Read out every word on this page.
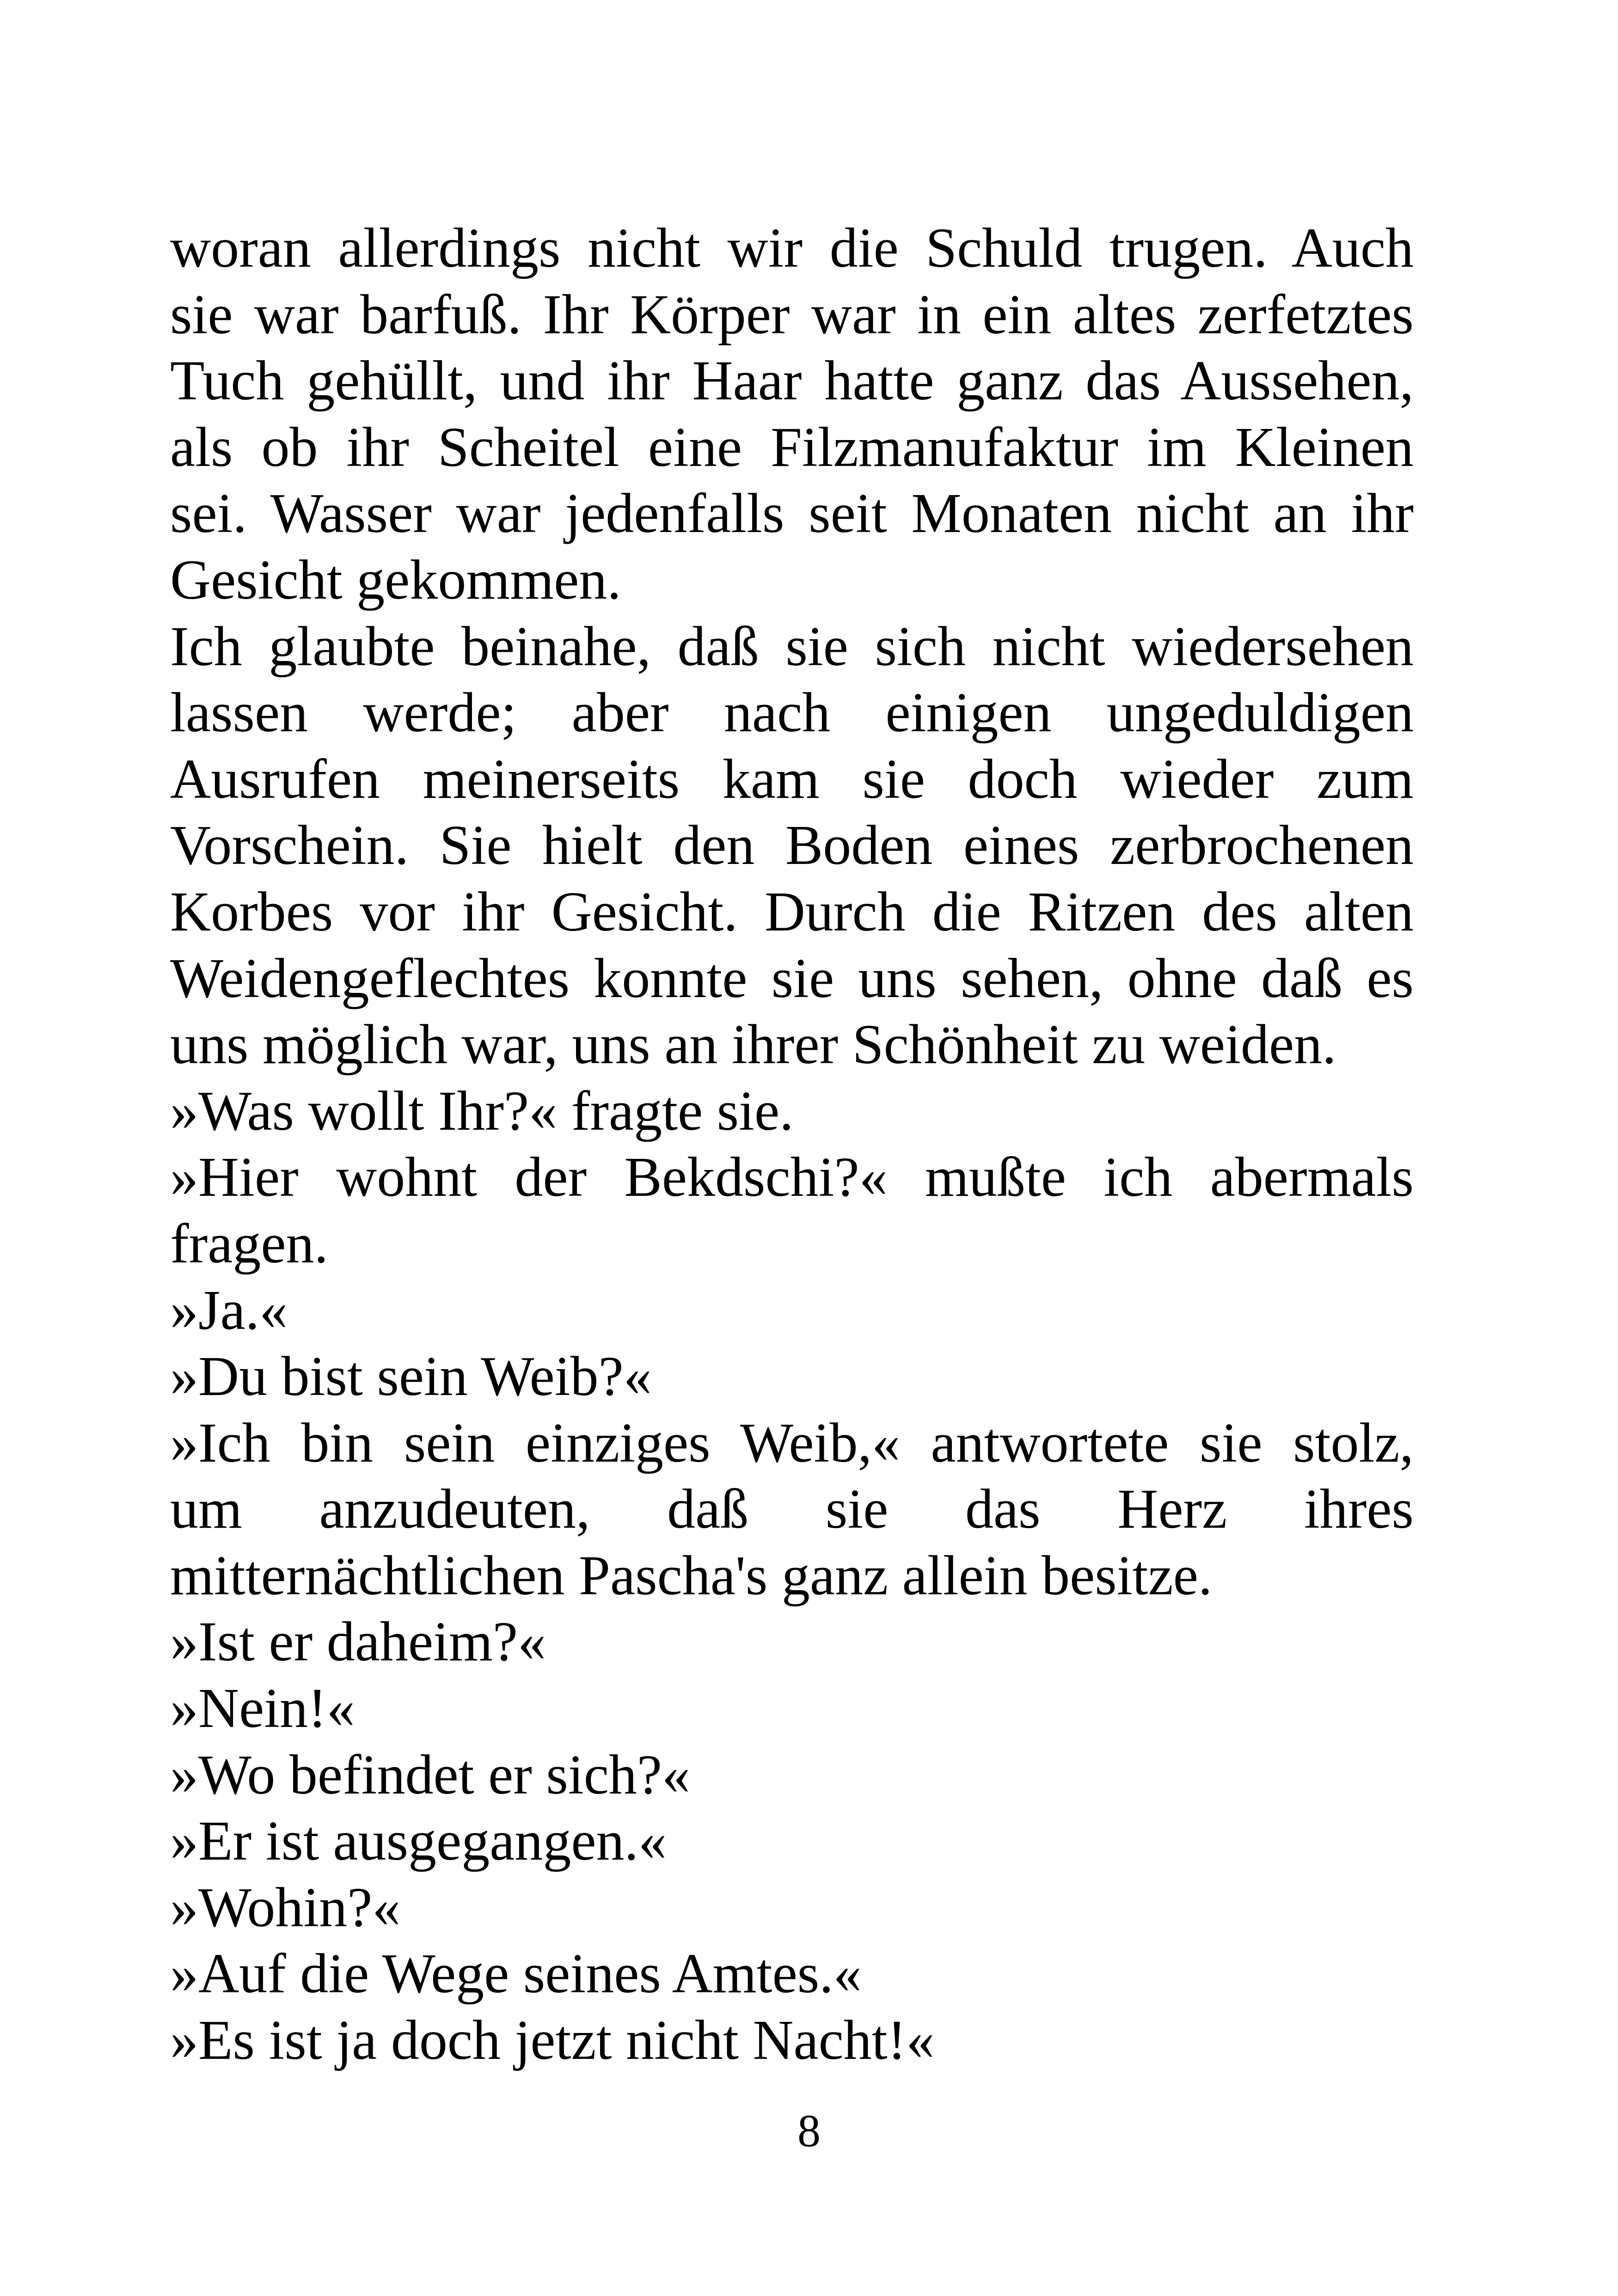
woran allerdings nicht wir die Schuld trugen. Auch
sie war barfuß. Ihr Körper war in ein altes zerfetztes
Tuch gehüllt, und ihr Haar hatte ganz das Aussehen,
als ob ihr Scheitel eine Filzmanufaktur im Kleinen
sei. Wasser war jedenfalls seit Monaten nicht an ihr
Gesicht gekommen.
Ich glaubte beinahe, daß sie sich nicht wiedersehen
lassen werde; aber nach einigen ungeduldigen
Ausrufen meinerseits kam sie doch wieder zum
Vorschein. Sie hielt den Boden eines zerbrochenen
Korbes vor ihr Gesicht. Durch die Ritzen des alten
Weidengeflechtes konnte sie uns sehen, ohne daß es
uns möglich war, uns an ihrer Schönheit zu weiden.
»Was wollt Ihr?« fragte sie.
»Hier wohnt der Bekdschi?« mußte ich abermals
fragen.
»Ja.«
»Du bist sein Weib?«
»Ich bin sein einziges Weib,« antwortete sie stolz,
um anzudeuten, daß sie das Herz ihres
mitternächtlichen Pascha's ganz allein besitze.
»Ist er daheim?«
»Nein!«
»Wo befindet er sich?«
»Er ist ausgegangen.«
»Wohin?«
»Auf die Wege seines Amtes.«
»Es ist ja doch jetzt nicht Nacht!«
8
